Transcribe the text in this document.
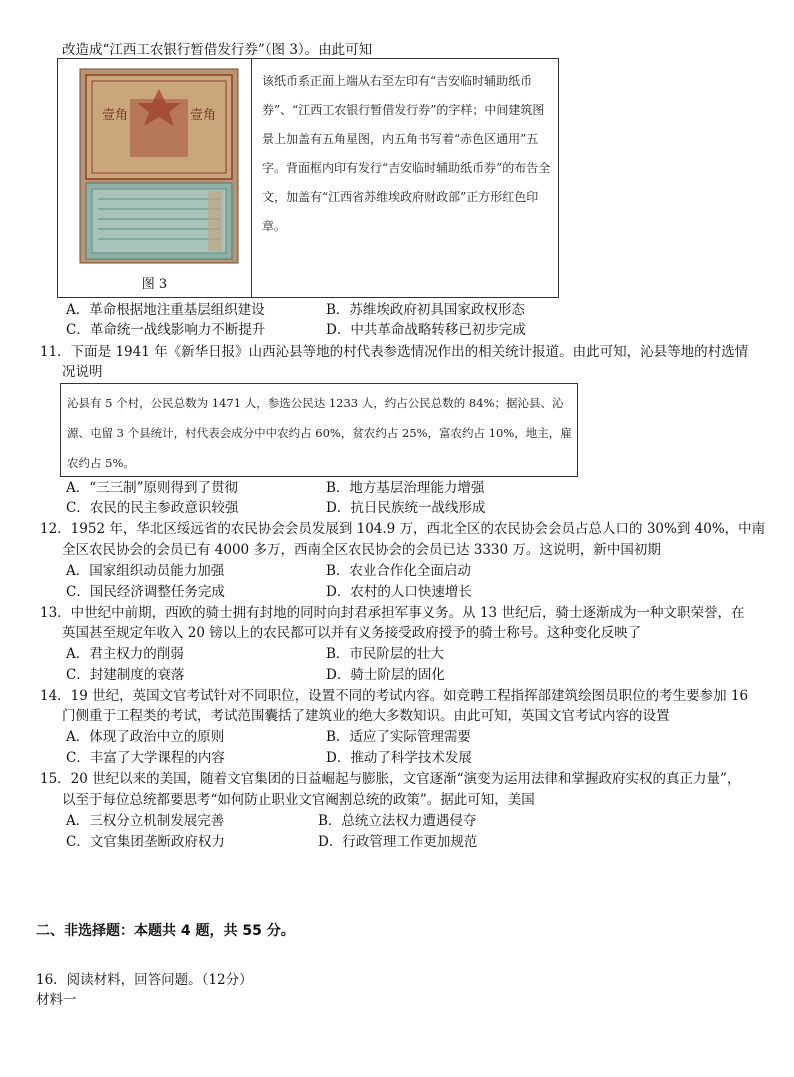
改造成“江西工农银行暂借发行券”（图 3）。由此可知
壹角	壹角
图 3
该纸币系正面上端从右至左印有“吉安临时辅助纸币券”、“江西工农银行暂借发行券”的字样；中间建筑图景上加盖有五角星图，内五角书写着“赤色区通用”五字。背面框内印有发行“吉安临时辅助纸币券”的布告全文，加盖有“江西省苏维埃政府财政部”正方形红色印章。
A．革命根据地注重基层组织建设	B．苏维埃政府初具国家政权形态
C．革命统一战线影响力不断提升	D．中共革命战略转移已初步完成
11．下面是 1941 年《新华日报》山西沁县等地的村代表参选情况作出的相关统计报道。由此可知，沁县等地的村选情
况说明
沁县有 5 个村，公民总数为 1471 人，参选公民达 1233 人，约占公民总数的 84%；据沁县、沁源、屯留 3 个县统计，村代表会成分中中农约占 60%，贫农约占 25%，富农约占 10%，地主，雇农约占 5%。
A．“三三制”原则得到了贯彻	B．地方基层治理能力增强
C．农民的民主参政意识较强	D．抗日民族统一战线形成
12．1952 年，华北区绥远省的农民协会会员发展到 104.9 万，西北全区的农民协会会员占总人口的 30%到 40%，中南
全区农民协会的会员已有 4000 多万，西南全区农民协会的会员已达 3330 万。这说明，新中国初期
A．国家组织动员能力加强	B．农业合作化全面启动
C．国民经济调整任务完成	D．农村的人口快速增长
13．中世纪中前期，西欧的骑士拥有封地的同时向封君承担军事义务。从 13 世纪后，骑士逐渐成为一种文职荣誉，在
英国甚至规定年收入 20 镑以上的农民都可以并有义务接受政府授予的骑士称号。这种变化反映了
A．君主权力的削弱	B．市民阶层的壮大
C．封建制度的衰落	D．骑士阶层的固化
14．19 世纪，英国文官考试针对不同职位，设置不同的考试内容。如竞聘工程指挥部建筑绘图员职位的考生要参加 16
门侧重于工程类的考试，考试范围囊括了建筑业的绝大多数知识。由此可知，英国文官考试内容的设置
A．体现了政治中立的原则	B．适应了实际管理需要
C．丰富了大学课程的内容	D．推动了科学技术发展
15．20 世纪以来的美国，随着文官集团的日益崛起与膨胀，文官逐渐“演变为运用法律和掌握政府实权的真正力量”，
以至于每位总统都要思考“如何防止职业文官阉割总统的政策”。据此可知，美国
A．三权分立机制发展完善	B．总统立法权力遭遇侵夺
C．文官集团垄断政府权力	D．行政管理工作更加规范
二、非选择题：本题共 4 题，共 55 分。
16．阅读材料，回答问题。（12分）
材料一
